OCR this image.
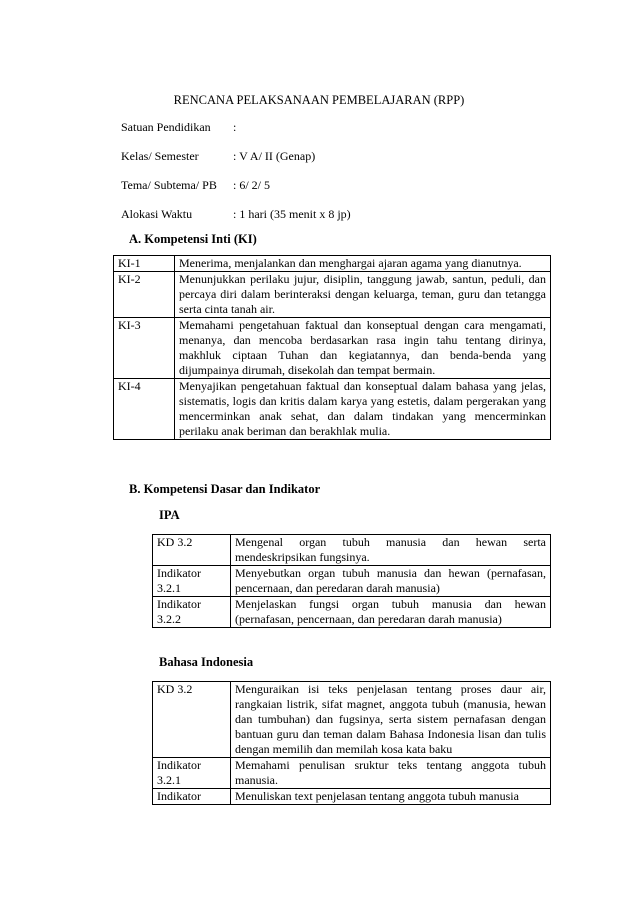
RENCANA PELAKSANAAN PEMBELAJARAN (RPP)
Satuan Pendidikan	:
Kelas/ Semester	: V A/ II (Genap)
Tema/ Subtema/ PB	: 6/ 2/ 5
Alokasi Waktu	: 1 hari (35 menit x 8 jp)
A. Kompetensi Inti (KI)
KI-1	Menerima, menjalankan dan menghargai ajaran agama yang dianutnya.
KI-2	Menunjukkan perilaku jujur, disiplin, tanggung jawab, santun, peduli, dan percaya diri dalam berinteraksi dengan keluarga, teman, guru dan tetangga serta cinta tanah air.
KI-3	Memahami pengetahuan faktual dan konseptual dengan cara mengamati, menanya, dan mencoba berdasarkan rasa ingin tahu tentang dirinya, makhluk ciptaan Tuhan dan kegiatannya, dan benda-benda yang dijumpainya dirumah, disekolah dan tempat bermain.
KI-4	Menyajikan pengetahuan faktual dan konseptual dalam bahasa yang jelas, sistematis, logis dan kritis dalam karya yang estetis, dalam pergerakan yang mencerminkan anak sehat, dan dalam tindakan yang mencerminkan perilaku anak beriman dan berakhlak mulia.
B. Kompetensi Dasar dan Indikator
IPA
KD 3.2	Mengenal organ tubuh manusia dan hewan serta mendeskripsikan fungsinya.
Indikator 3.2.1	Menyebutkan organ tubuh manusia dan hewan (pernafasan, pencernaan, dan peredaran darah manusia)
Indikator 3.2.2	Menjelaskan fungsi organ tubuh manusia dan hewan (pernafasan, pencernaan, dan peredaran darah manusia)
Bahasa Indonesia
KD 3.2	Menguraikan isi teks penjelasan tentang proses daur air, rangkaian listrik, sifat magnet, anggota tubuh (manusia, hewan dan tumbuhan) dan fugsinya, serta sistem pernafasan dengan bantuan guru dan teman dalam Bahasa Indonesia lisan dan tulis dengan memilih dan memilah kosa kata baku
Indikator 3.2.1	Memahami penulisan sruktur teks tentang anggota tubuh manusia.
Indikator	Menuliskan text penjelasan tentang anggota tubuh manusia
